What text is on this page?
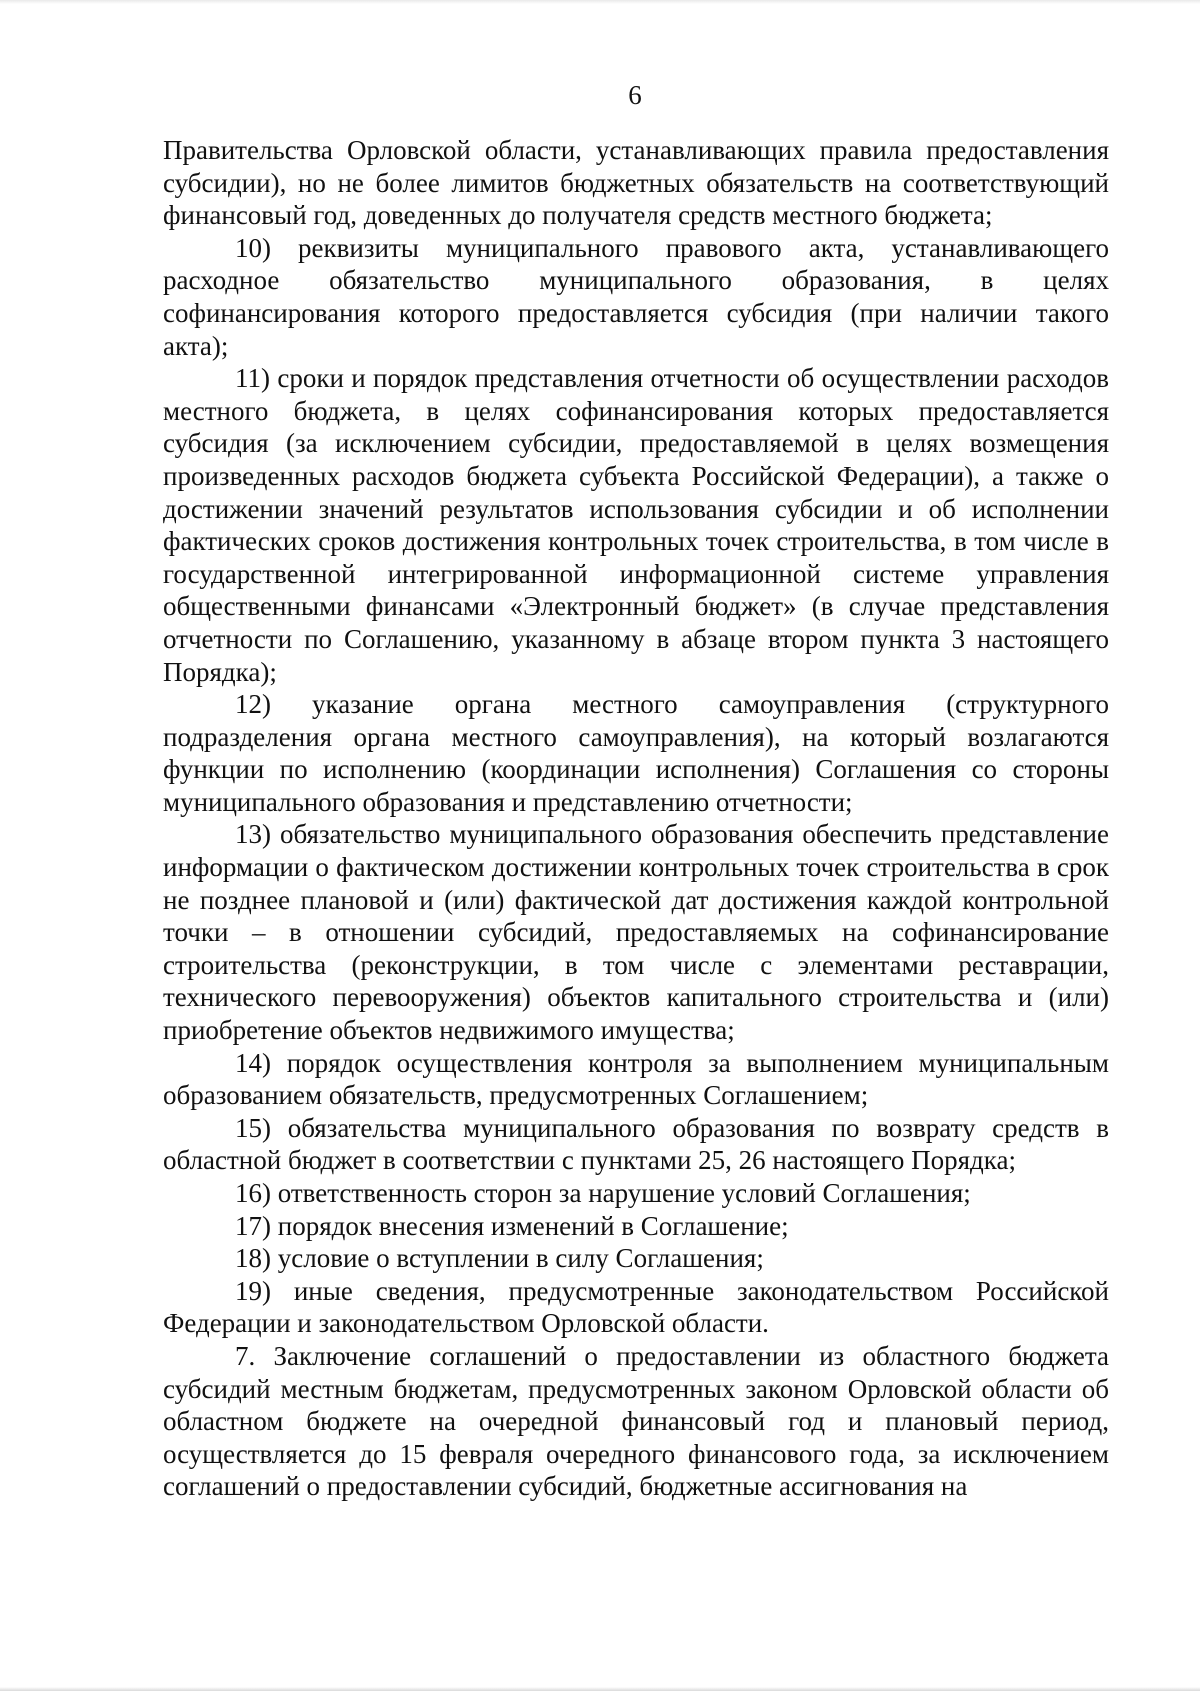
6

Правительства Орловской области, устанавливающих правила предоставления субсидии), но не более лимитов бюджетных обязательств на соответствующий финансовый год, доведенных до получателя средств местного бюджета;

10) реквизиты муниципального правового акта, устанавливающего расходное обязательство муниципального образования, в целях софинансирования которого предоставляется субсидия (при наличии такого акта);

11) сроки и порядок представления отчетности об осуществлении расходов местного бюджета, в целях софинансирования которых предоставляется субсидия (за исключением субсидии, предоставляемой в целях возмещения произведенных расходов бюджета субъекта Российской Федерации), а также о достижении значений результатов использования субсидии и об исполнении фактических сроков достижения контрольных точек строительства, в том числе в государственной интегрированной информационной системе управления общественными финансами «Электронный бюджет» (в случае представления отчетности по Соглашению, указанному в абзаце втором пункта 3 настоящего Порядка);

12) указание органа местного самоуправления (структурного подразделения органа местного самоуправления), на который возлагаются функции по исполнению (координации исполнения) Соглашения со стороны муниципального образования и представлению отчетности;

13) обязательство муниципального образования обеспечить представление информации о фактическом достижении контрольных точек строительства в срок не позднее плановой и (или) фактической дат достижения каждой контрольной точки – в отношении субсидий, предоставляемых на софинансирование строительства (реконструкции, в том числе с элементами реставрации, технического перевооружения) объектов капитального строительства и (или) приобретение объектов недвижимого имущества;

14) порядок осуществления контроля за выполнением муниципальным образованием обязательств, предусмотренных Соглашением;

15) обязательства муниципального образования по возврату средств в областной бюджет в соответствии с пунктами 25, 26 настоящего Порядка;

16) ответственность сторон за нарушение условий Соглашения;

17) порядок внесения изменений в Соглашение;

18) условие о вступлении в силу Соглашения;

19) иные сведения, предусмотренные законодательством Российской Федерации и законодательством Орловской области.

7. Заключение соглашений о предоставлении из областного бюджета субсидий местным бюджетам, предусмотренных законом Орловской области об областном бюджете на очередной финансовый год и плановый период, осуществляется до 15 февраля очередного финансового года, за исключением соглашений о предоставлении субсидий, бюджетные ассигнования на
